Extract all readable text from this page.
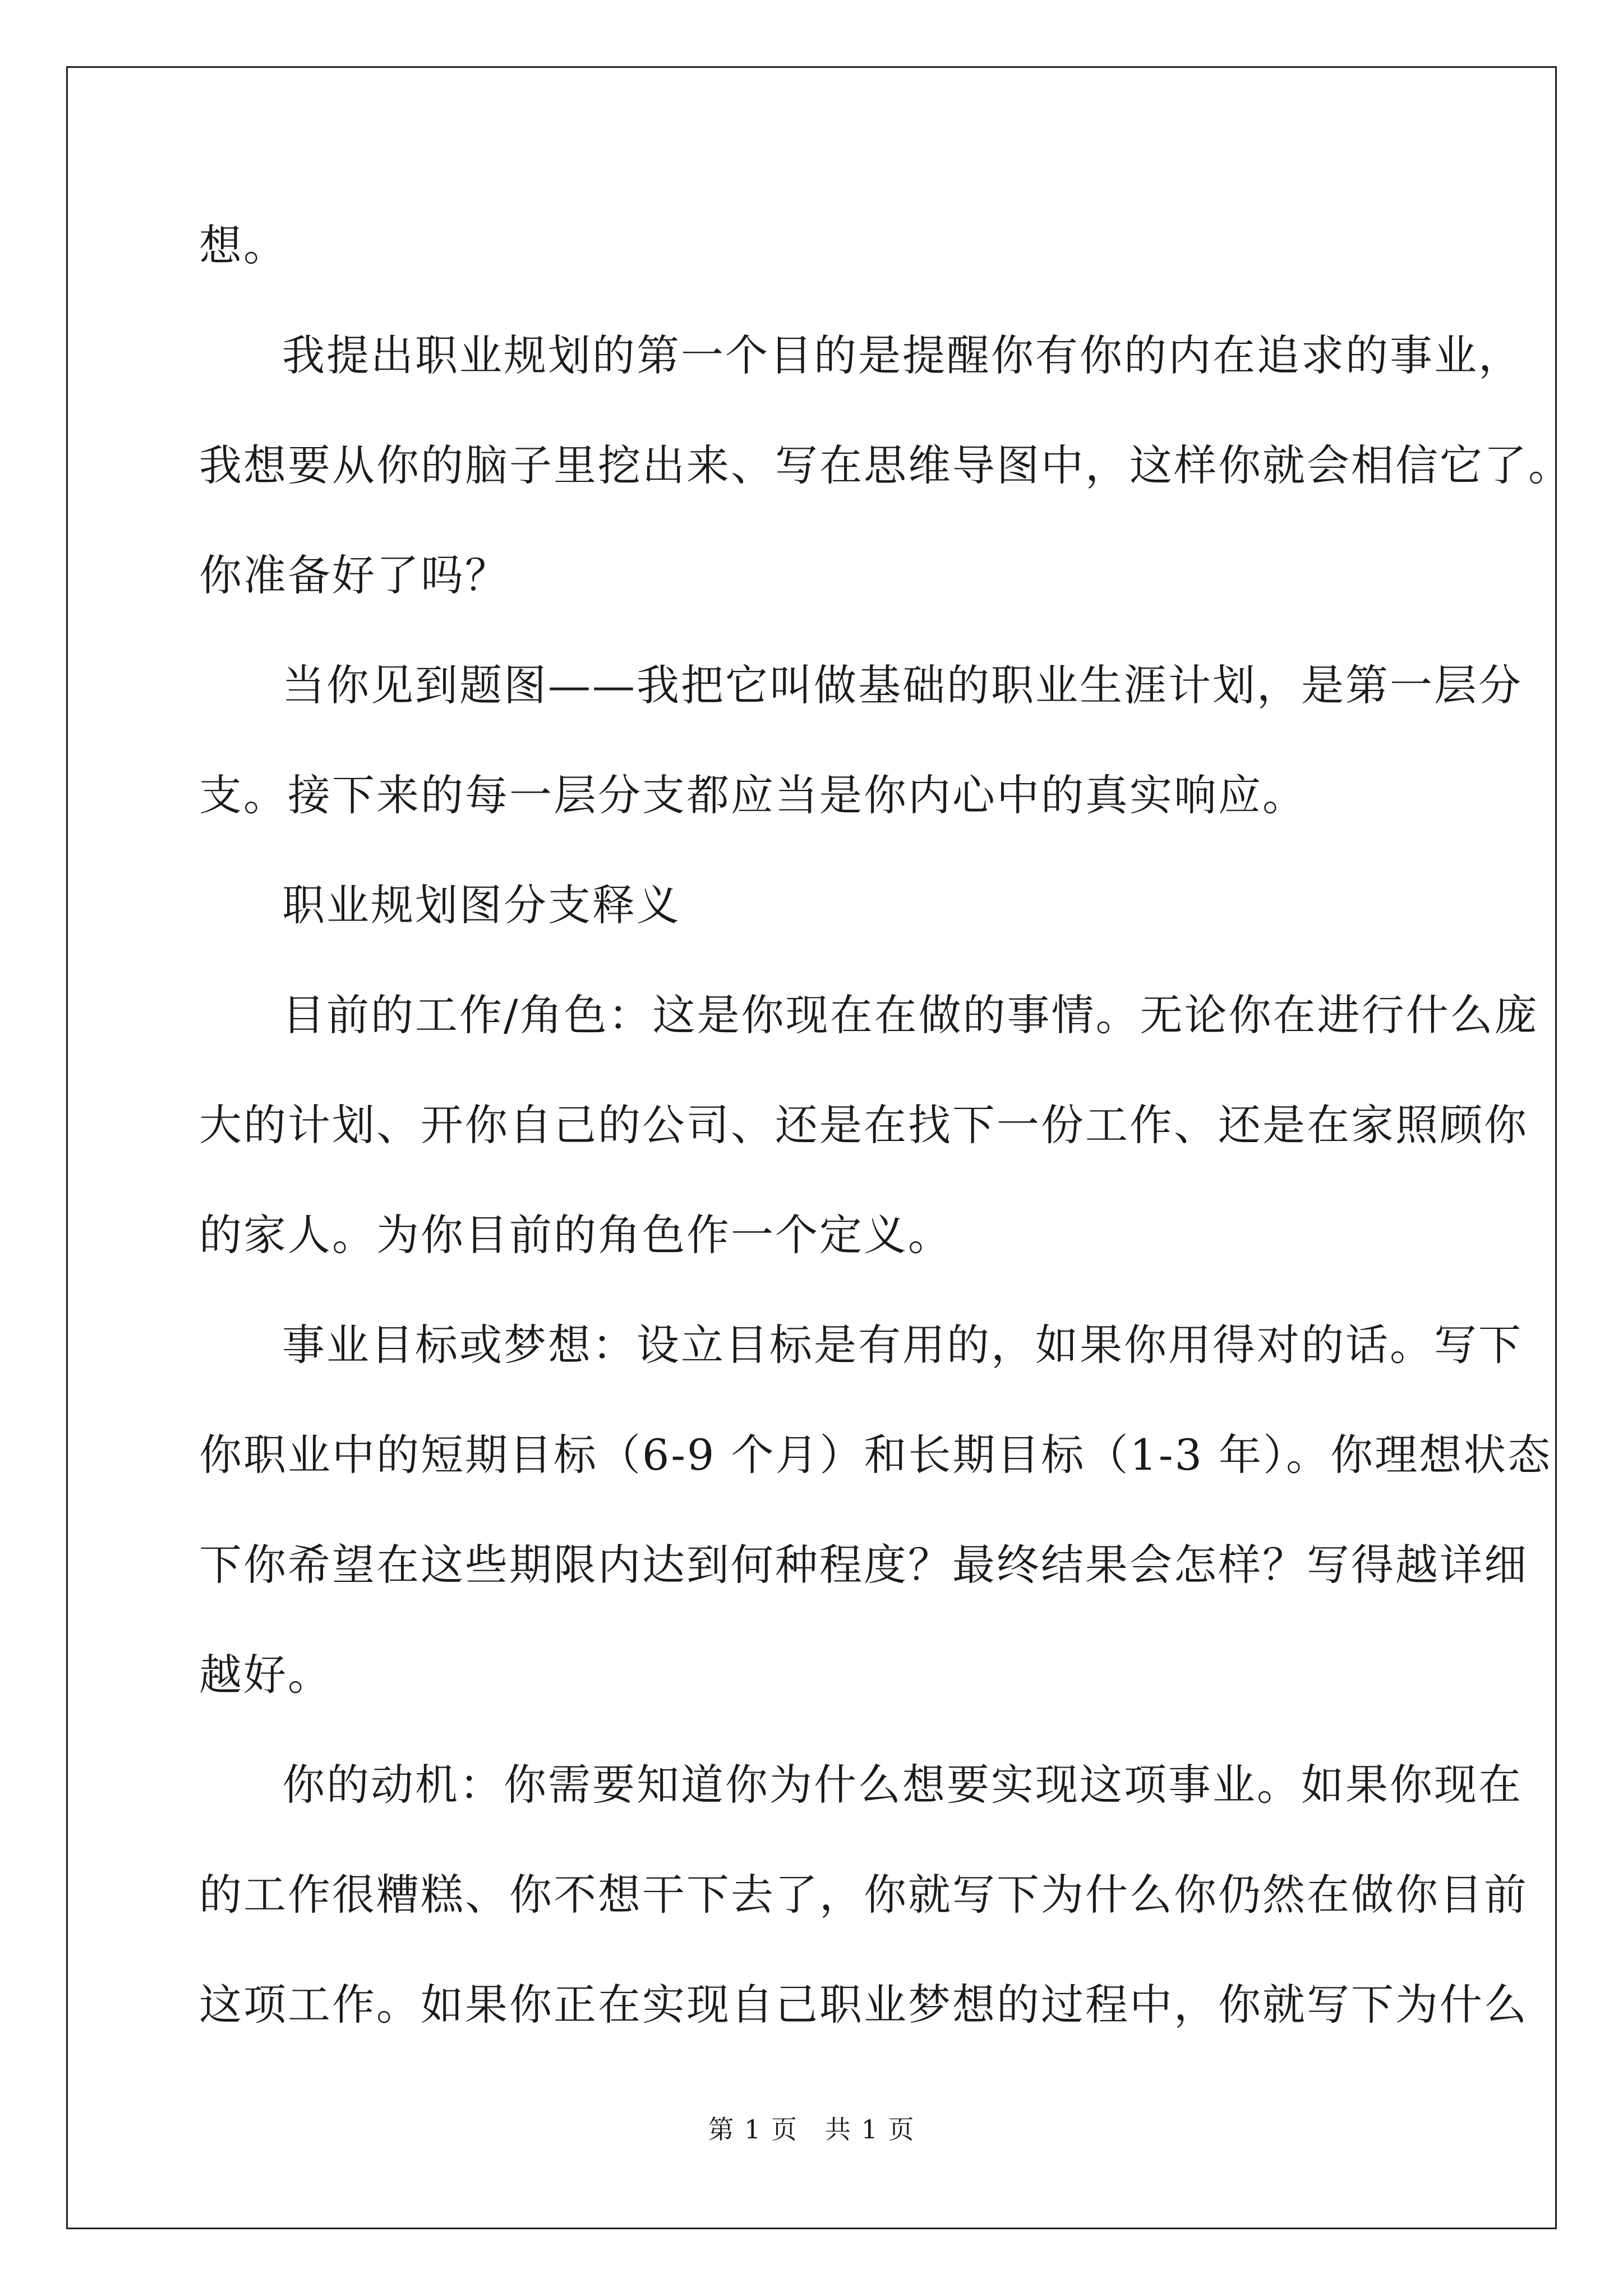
想。
我提出职业规划的第一个目的是提醒你有你的内在追求的事业，
我想要从你的脑子里挖出来、写在思维导图中，这样你就会相信它了。
你准备好了吗？
当你见到题图——我把它叫做基础的职业生涯计划，是第一层分
支。接下来的每一层分支都应当是你内心中的真实响应。
职业规划图分支释义
目前的工作/角色：这是你现在在做的事情。无论你在进行什么庞
大的计划、开你自己的公司、还是在找下一份工作、还是在家照顾你
的家人。为你目前的角色作一个定义。
事业目标或梦想：设立目标是有用的，如果你用得对的话。写下
你职业中的短期目标（6-9 个月）和长期目标（1-3 年）。你理想状态
下你希望在这些期限内达到何种程度？最终结果会怎样？写得越详细
越好。
你的动机：你需要知道你为什么想要实现这项事业。如果你现在
的工作很糟糕、你不想干下去了，你就写下为什么你仍然在做你目前
这项工作。如果你正在实现自己职业梦想的过程中，你就写下为什么

第 1 页　共 1 页
